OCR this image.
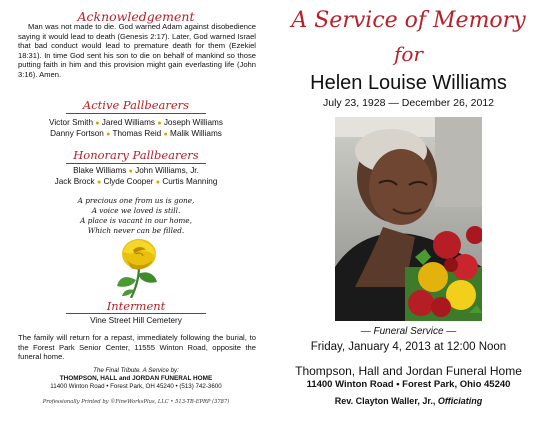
Acknowledgement
Man was not made to die. God warned Adam against disobedience saying it would lead to death (Genesis 2:17). Later, God warned Israel that bad conduct would lead to premature death for them (Ezekiel 18:31). In time God sent his son to die on behalf of mankind so those putting faith in him and this provision might gain everlasting life (John 3:16). Amen.
Active Pallbearers
Victor Smith ● Jared Williams ● Joseph Williams
Danny Fortson ● Thomas Reid ● Malik Williams
Honorary Pallbearers
Blake Williams ● John Williams, Jr.
Jack Brock ● Clyde Cooper ● Curtis Manning
A precious one from us is gone,
A voice we loved is still.
A place is vacant in our home,
Which never can be filled.
Interment
Vine Street Hill Cemetery
The family will return for a repast, immediately following the burial, to the Forest Park Senior Center, 11555 Winton Road, opposite the funeral home.
The Final Tribute. A Service by:
THOMPSON, HALL and JORDAN FUNERAL HOME
11400 Winton Road • Forest Park, OH 45240 • (513) 742-3600
Professionally Printed by ©FineWorksPlus, LLC • 513-TB-EPRP (3787)
A Service of Memory
for
Helen Louise Williams
July 23, 1928 — December 26, 2012
— Funeral Service —
Friday, January 4, 2013 at 12:00 Noon
Thompson, Hall and Jordan Funeral Home
11400 Winton Road • Forest Park, Ohio 45240
Rev. Clayton Waller, Jr., Officiating
